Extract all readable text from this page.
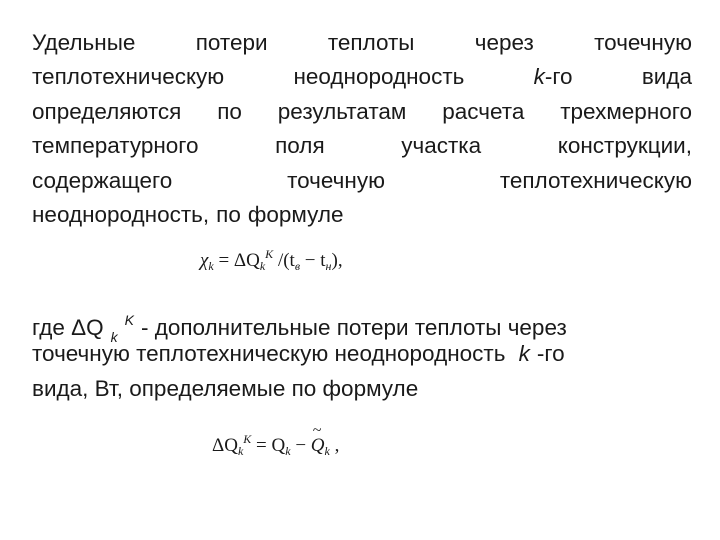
Удельные	потери	теплоты	через	точечную
теплотехническую	неоднородность	k-го	вида
определяются по результатам расчета трехмерного
температурного	поля	участка	конструкции,
содержащего	точечную	теплотехническую
неоднородность, по формуле
$\chi_k = \Delta Q_k^K$ $/(t_в - t_н)$,
где ΔQ $_k^K$ - дополнительные потери теплоты через
точечную теплотехническую неоднородность k -го
вида, Вт, определяемые по формуле
$\Delta Q_k^K = Q_k$ − ~ $Q_k$ ,
